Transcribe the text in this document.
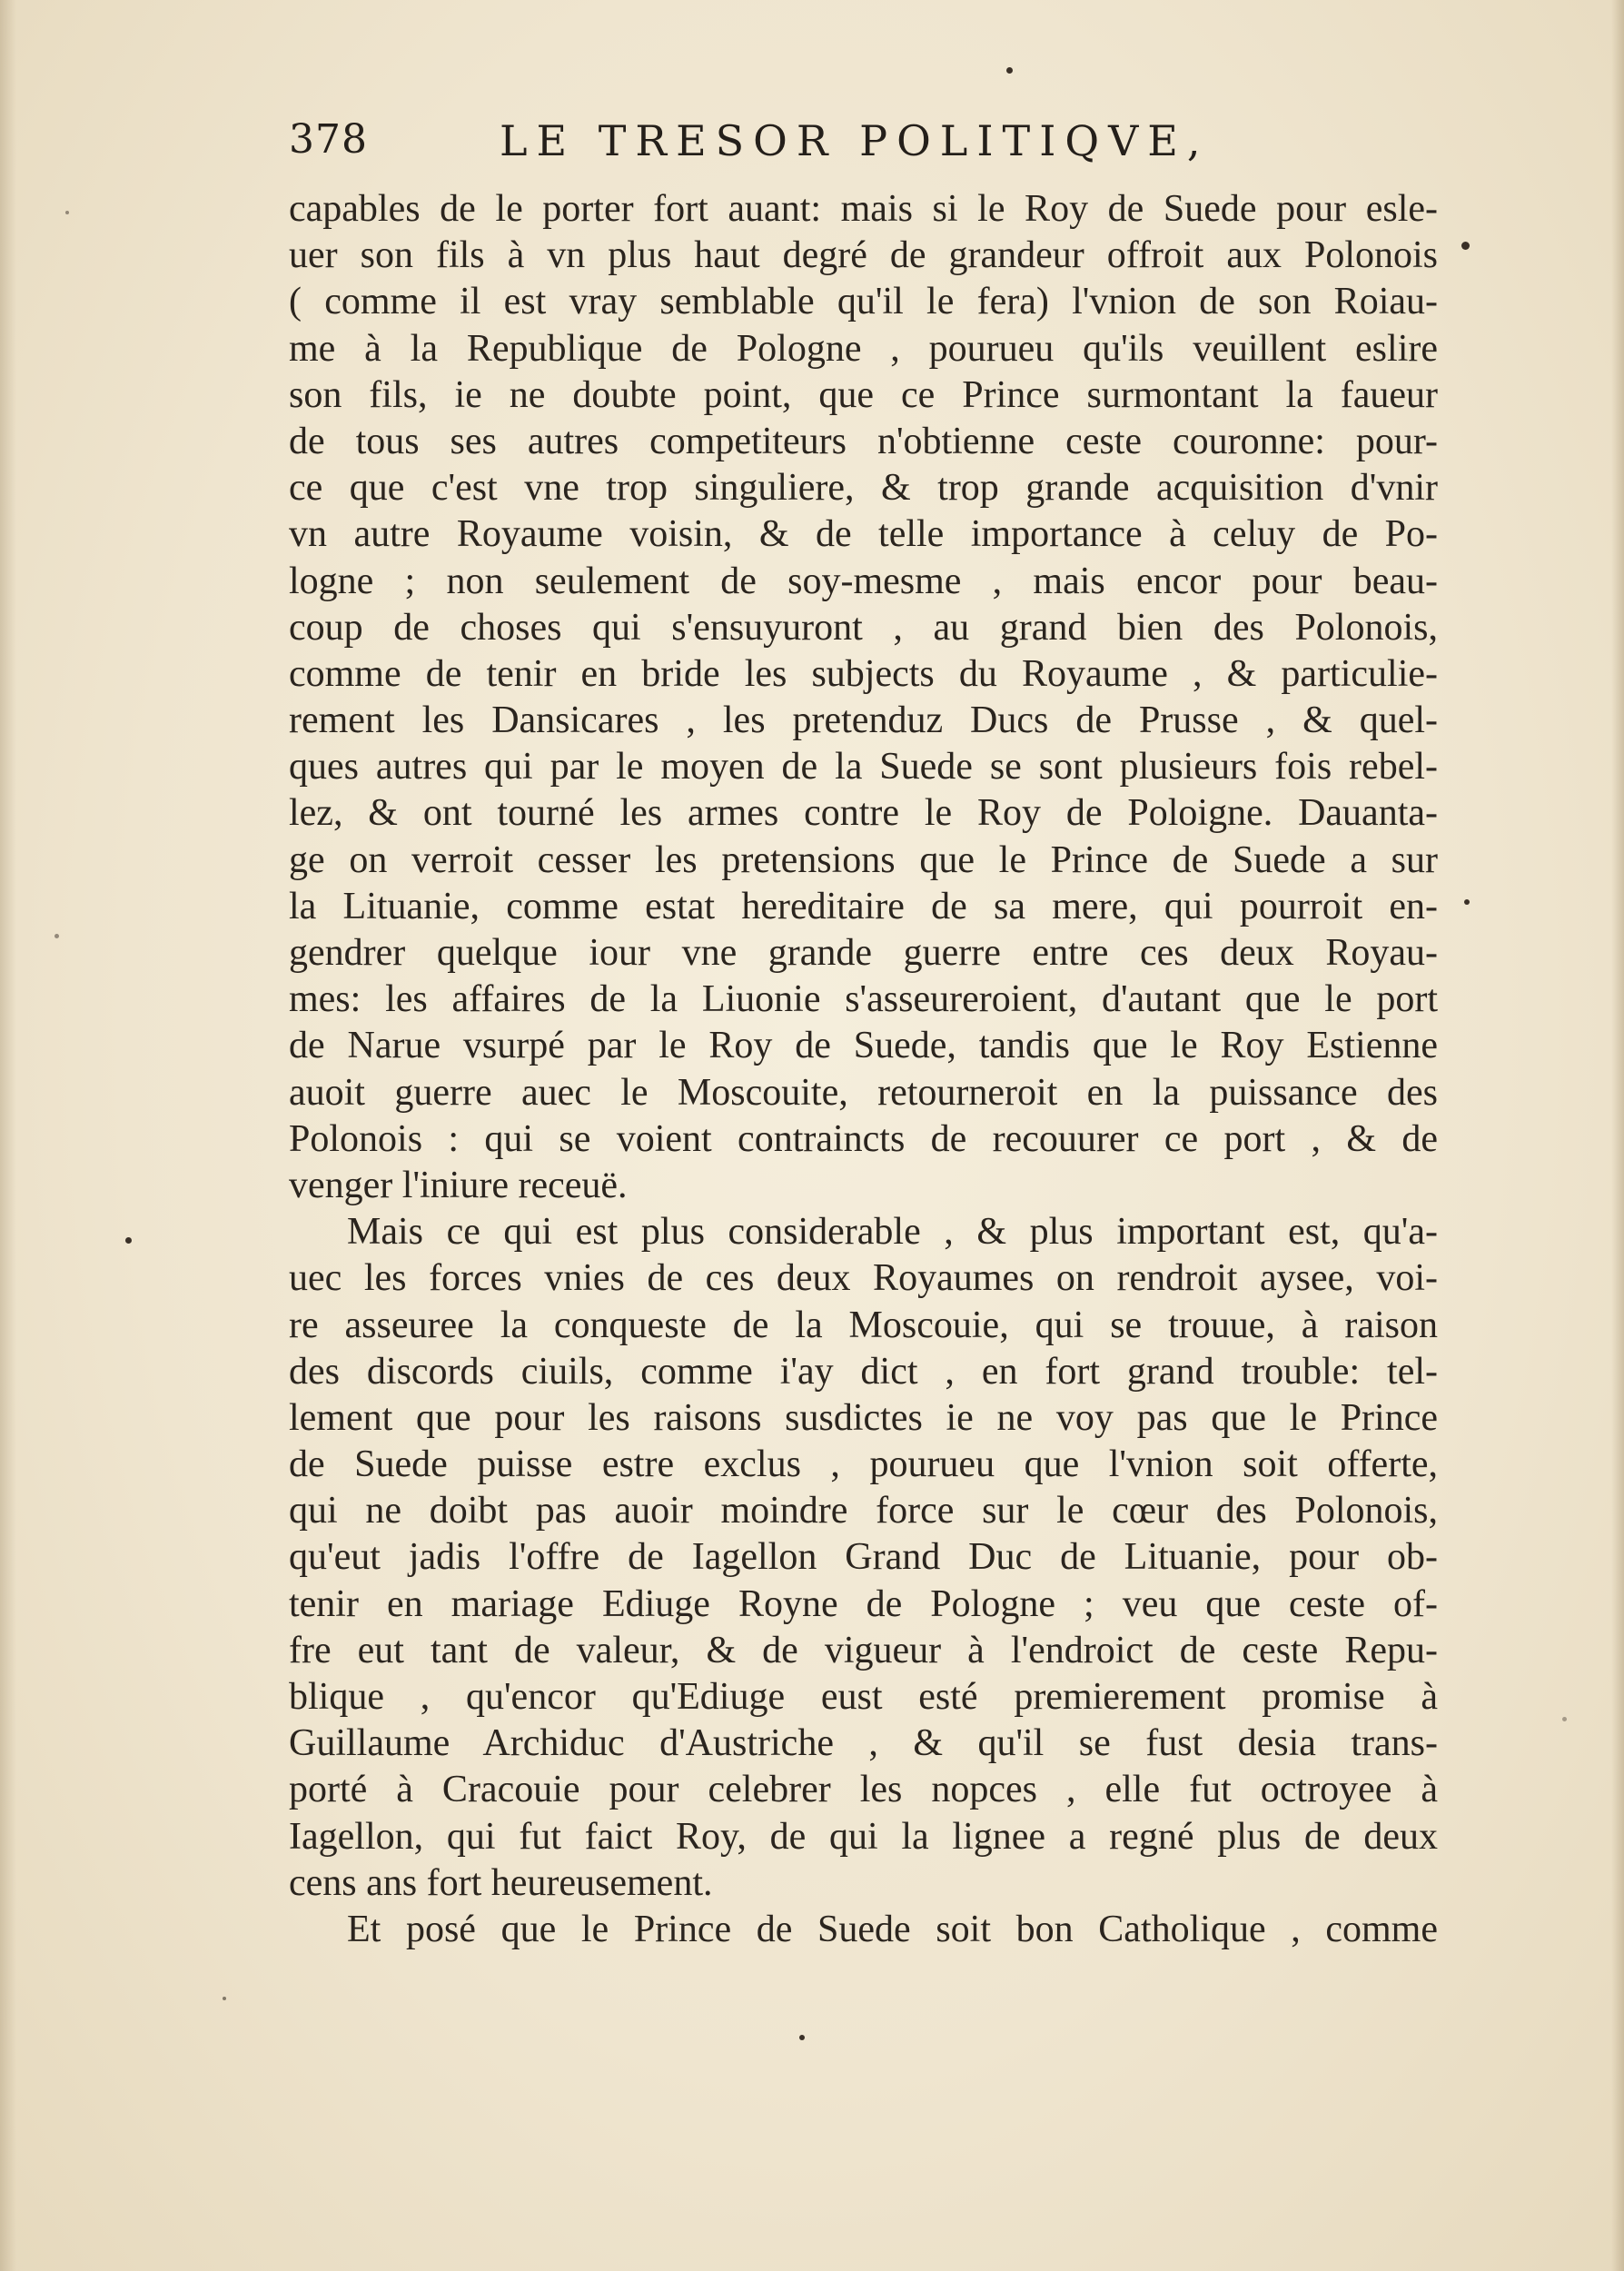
378	LE TRESOR POLITIQVE,
capables de le porter fort auant: mais si le Roy de Suede pour esle-
uer son fils à vn plus haut degré de grandeur offroit aux Polonois
( comme il est vray semblable qu'il le fera) l'vnion de son Roiau-
me à la Republique de Pologne , pourueu qu'ils veuillent eslire
son fils, ie ne doubte point, que ce Prince surmontant la faueur
de tous ses autres competiteurs n'obtienne ceste couronne: pour-
ce que c'est vne trop singuliere, & trop grande acquisition d'vnir
vn autre Royaume voisin, & de telle importance à celuy de Po-
logne ; non seulement de soy-mesme , mais encor pour beau-
coup de choses qui s'ensuyuront , au grand bien des Polonois,
comme de tenir en bride les subjects du Royaume , & particulie-
rement les Dansicares , les pretenduz Ducs de Prusse , & quel-
ques autres qui par le moyen de la Suede se sont plusieurs fois rebel-
lez, & ont tourné les armes contre le Roy de Poloigne. Dauanta-
ge on verroit cesser les pretensions que le Prince de Suede a sur
la Lituanie, comme estat hereditaire de sa mere, qui pourroit en-
gendrer quelque iour vne grande guerre entre ces deux Royau-
mes: les affaires de la Liuonie s'asseureroient, d'autant que le port
de Narue vsurpé par le Roy de Suede, tandis que le Roy Estienne
auoit guerre auec le Moscouite, retourneroit en la puissance des
Polonois : qui se voient contraincts de recouurer ce port , & de
venger l'iniure receuë.
Mais ce qui est plus considerable , & plus important est, qu'a-
uec les forces vnies de ces deux Royaumes on rendroit aysee, voi-
re asseuree la conqueste de la Moscouie, qui se trouue, à raison
des discords ciuils, comme i'ay dict , en fort grand trouble: tel-
lement que pour les raisons susdictes ie ne voy pas que le Prince
de Suede puisse estre exclus , pourueu que l'vnion soit offerte,
qui ne doibt pas auoir moindre force sur le cœur des Polonois,
qu'eut jadis l'offre de Iagellon Grand Duc de Lituanie, pour ob-
tenir en mariage Ediuge Royne de Pologne ; veu que ceste of-
fre eut tant de valeur, & de vigueur à l'endroict de ceste Repu-
blique , qu'encor qu'Ediuge eust esté premierement promise à
Guillaume Archiduc d'Austriche , & qu'il se fust desia trans-
porté à Cracouie pour celebrer les nopces , elle fut octroyee à
Iagellon, qui fut faict Roy, de qui la lignee a regné plus de deux
cens ans fort heureusement.
Et posé que le Prince de Suede soit bon Catholique , comme
